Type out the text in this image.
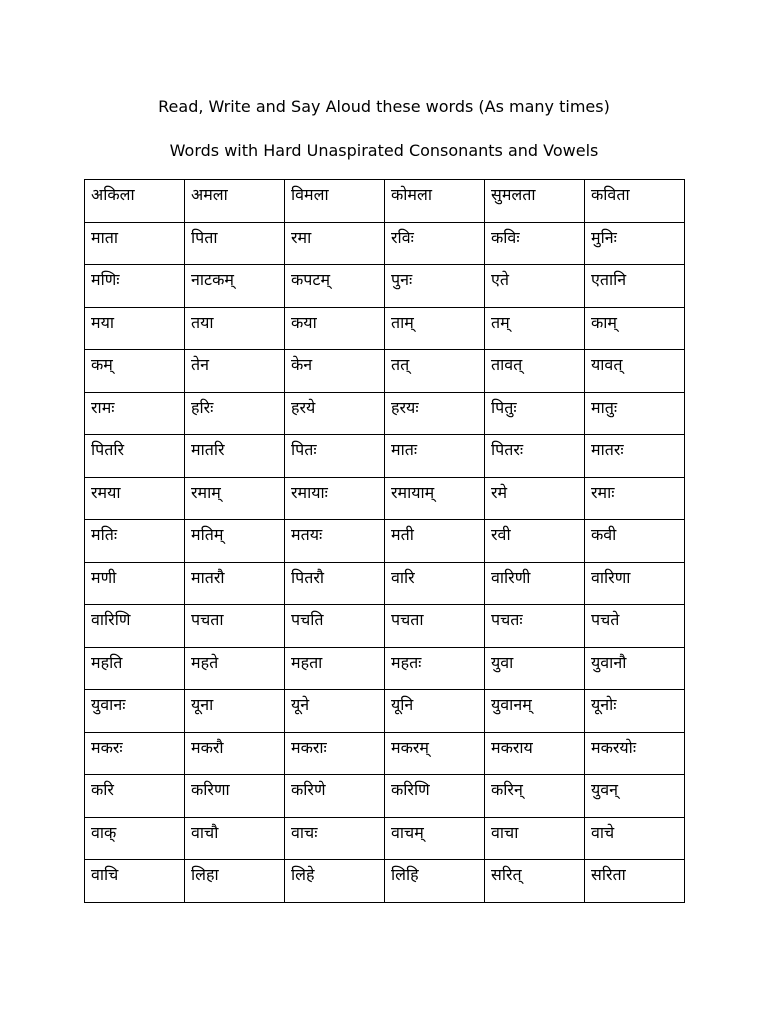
Read, Write and Say Aloud these words (As many times)
Words with Hard Unaspirated Consonants and Vowels
अकिला	अमला	विमला	कोमला	सुमलता	कविता
माता	पिता	रमा	रविः	कविः	मुनिः
मणिः	नाटकम्	कपटम्	पुनः	एते	एतानि
मया	तया	कया	ताम्	तम्	काम्
कम्	तेन	केन	तत्	तावत्	यावत्
रामः	हरिः	हरये	हरयः	पितुः	मातुः
पितरि	मातरि	पितः	मातः	पितरः	मातरः
रमया	रमाम्	रमायाः	रमायाम्	रमे	रमाः
मतिः	मतिम्	मतयः	मती	रवी	कवी
मणी	मातरौ	पितरौ	वारि	वारिणी	वारिणा
वारिणि	पचता	पचति	पचता	पचतः	पचते
महति	महते	महता	महतः	युवा	युवानौ
युवानः	यूना	यूने	यूनि	युवानम्	यूनोः
मकरः	मकरौ	मकराः	मकरम्	मकराय	मकरयोः
करि	करिणा	करिणे	करिणि	करिन्	युवन्
वाक्	वाचौ	वाचः	वाचम्	वाचा	वाचे
वाचि	लिहा	लिहे	लिहि	सरित्	सरिता
